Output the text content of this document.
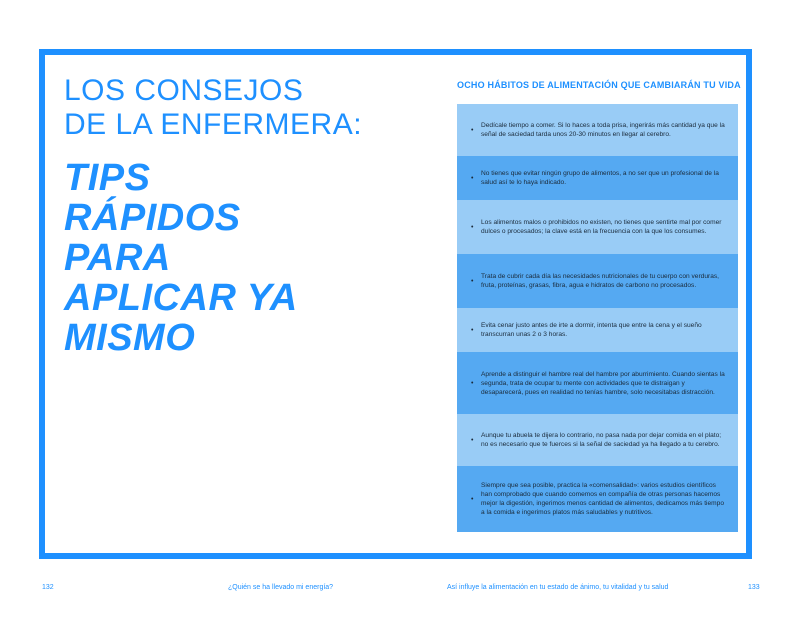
LOS CONSEJOS
DE LA ENFERMERA:
TIPS
RÁPIDOS
PARA
APLICAR YA
MISMO
OCHO HÁBITOS DE ALIMENTACIÓN QUE CAMBIARÁN TU VIDA
•
Dedícale tiempo a comer. Si lo haces a toda prisa, ingerirás más cantidad ya que la señal de saciedad tarda unos 20-30 minutos en llegar al cerebro.
•
No tienes que evitar ningún grupo de alimentos, a no ser que un profesional de la salud así te lo haya indicado.
•
Los alimentos malos o prohibidos no existen, no tienes que sentirte mal por comer dulces o procesados; la clave está en la frecuencia con la que los consumes.
•
Trata de cubrir cada día las necesidades nutricionales de tu cuerpo con verduras, fruta, proteínas, grasas, fibra, agua e hidratos de carbono no procesados.
•
Evita cenar justo antes de irte a dormir, intenta que entre la cena y el sueño transcurran unas 2 o 3 horas.
•
Aprende a distinguir el hambre real del hambre por aburrimiento. Cuando sientas la segunda, trata de ocupar tu mente con actividades que te distraigan y desaparecerá, pues en realidad no tenías hambre, solo necesitabas distracción.
•
Aunque tu abuela te dijera lo contrario, no pasa nada por dejar comida en el plato; no es necesario que te fuerces si la señal de saciedad ya ha llegado a tu cerebro.
•
Siempre que sea posible, practica la «comensalidad»: varios estudios científicos han comprobado que cuando comemos en compañía de otras personas hacemos mejor la digestión, ingerimos menos cantidad de alimentos, dedicamos más tiempo a la comida e ingerimos platos más saludables y nutritivos.
132	¿Quién se ha llevado mi energía?	Así influye la alimentación en tu estado de ánimo, tu vitalidad y tu salud	133
